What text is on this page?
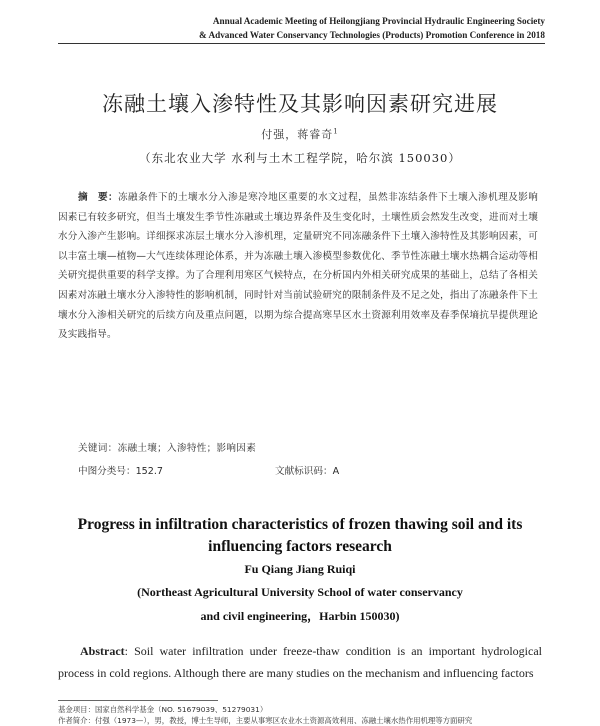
Annual Academic Meeting of Heilongjiang Provincial Hydraulic Engineering Society
& Advanced Water Conservancy Technologies (Products) Promotion Conference in 2018
冻融土壤入渗特性及其影响因素研究进展
付强，蒋睿奇$^1$
（东北农业大学 水利与土木工程学院，哈尔滨 150030）
摘　要：冻融条件下的土壤水分入渗是寒冷地区重要的水文过程，虽然非冻结条件下土壤入渗机理及影响因素已有较多研究，但当土壤发生季节性冻融或土壤边界条件及生变化时，土壤性质会然发生改变，进而对土壤水分入渗产生影响。详细探求冻层土壤水分入渗机理，定量研究不同冻融条件下土壤入渗特性及其影响因素，可以丰富土壤—植物—大气连续体理论体系，并为冻融土壤入渗模型参数优化、季节性冻融土壤水热耦合运动等相关研究提供重要的科学支撑。为了合理利用寒区气候特点，在分析国内外相关研究成果的基础上，总结了各相关因素对冻融土壤水分入渗特性的影响机制，同时针对当前试验研究的限制条件及不足之处，指出了冻融条件下土壤水分入渗相关研究的后续方向及重点问题，以期为综合提高寒旱区水土资源利用效率及春季保墒抗旱提供理论及实践指导。
关键词：冻融土壤；入渗特性；影响因素
中图分类号：152.7	文献标识码：A
Progress in infiltration characteristics of frozen thawing soil and its
influencing factors research
Fu Qiang Jiang Ruiqi
(Northeast Agricultural University School of water conservancy
and civil engineering，Harbin 150030)
Abstract: Soil water infiltration under freeze-thaw condition is an important hydrological process in cold regions. Although there are many studies on the mechanism and influencing factors
基金项目：国家自然科学基金（NO. 51679039、51279031）
作者简介：付强（1973—），男，教授，博士生导师，主要从事寒区农业水土资源高效利用、冻融土壤水热作用机理等方面研究
